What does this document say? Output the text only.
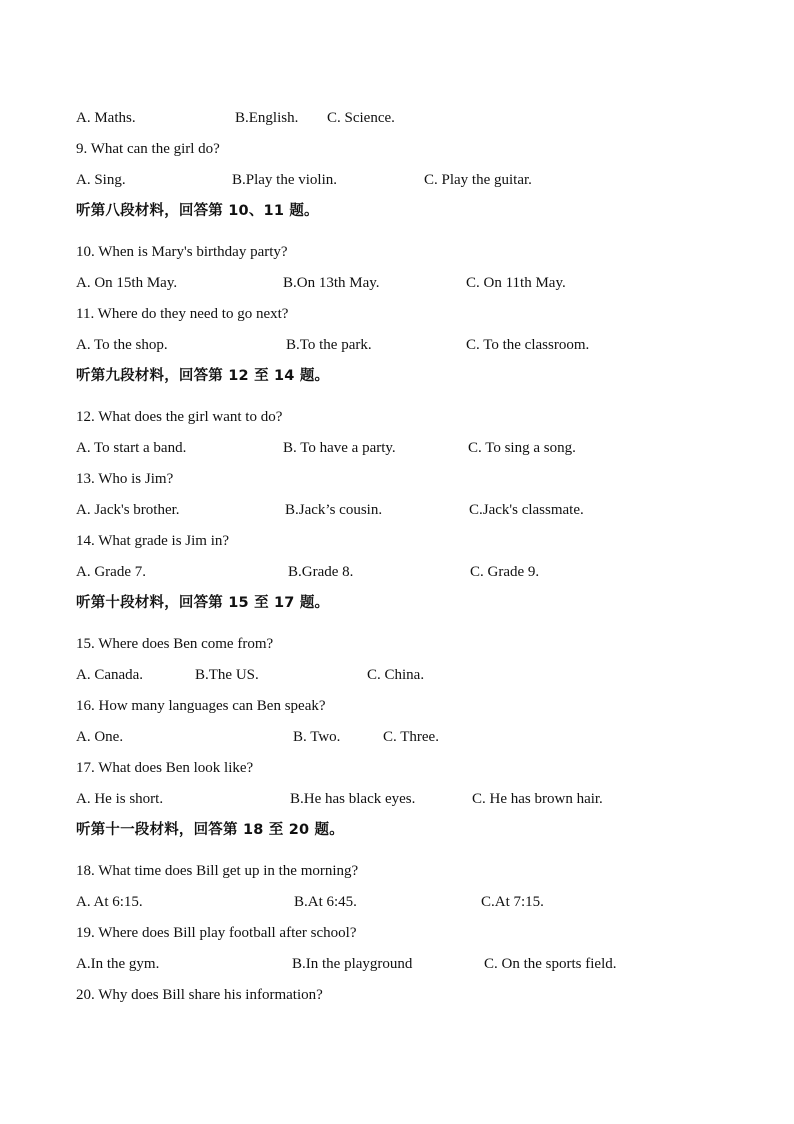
A. Maths.	B.English. C. Science.
9. What can the girl do?
A. Sing.	B.Play the violin.	C. Play the guitar.
听第八段材料，回答第 10、11 题。
10. When is Mary's birthday party?
A. On 15th May.	B.On 13th May.	C. On 11th May.
11. Where do they need to go next?
A. To the shop.	B.To the park.	C. To the classroom.
听第九段材料，回答第 12 至 14 题。
12. What does the girl want to do?
A. To start a band.	B. To have a party.	C. To sing a song.
13. Who is Jim?
A. Jack's brother.	B.Jack’s cousin.	C.Jack's classmate.
14. What grade is Jim in?
A. Grade 7.	B.Grade 8.	C. Grade 9.
听第十段材料，回答第 15 至 17 题。
15. Where does Ben come from?
A. Canada.	B.The US.	C. China.
16. How many languages can Ben speak?
A. One.	B. Two.	C. Three.
17. What does Ben look like?
A. He is short.	B.He has black eyes.	C. He has brown hair.
听第十一段材料，回答第 18 至 20 题。
18. What time does Bill get up in the morning?
A. At 6:15.	B.At 6:45.	C.At 7:15.
19. Where does Bill play football after school?
A.In the gym.	B.In the playground	C. On the sports field.
20. Why does Bill share his information?
